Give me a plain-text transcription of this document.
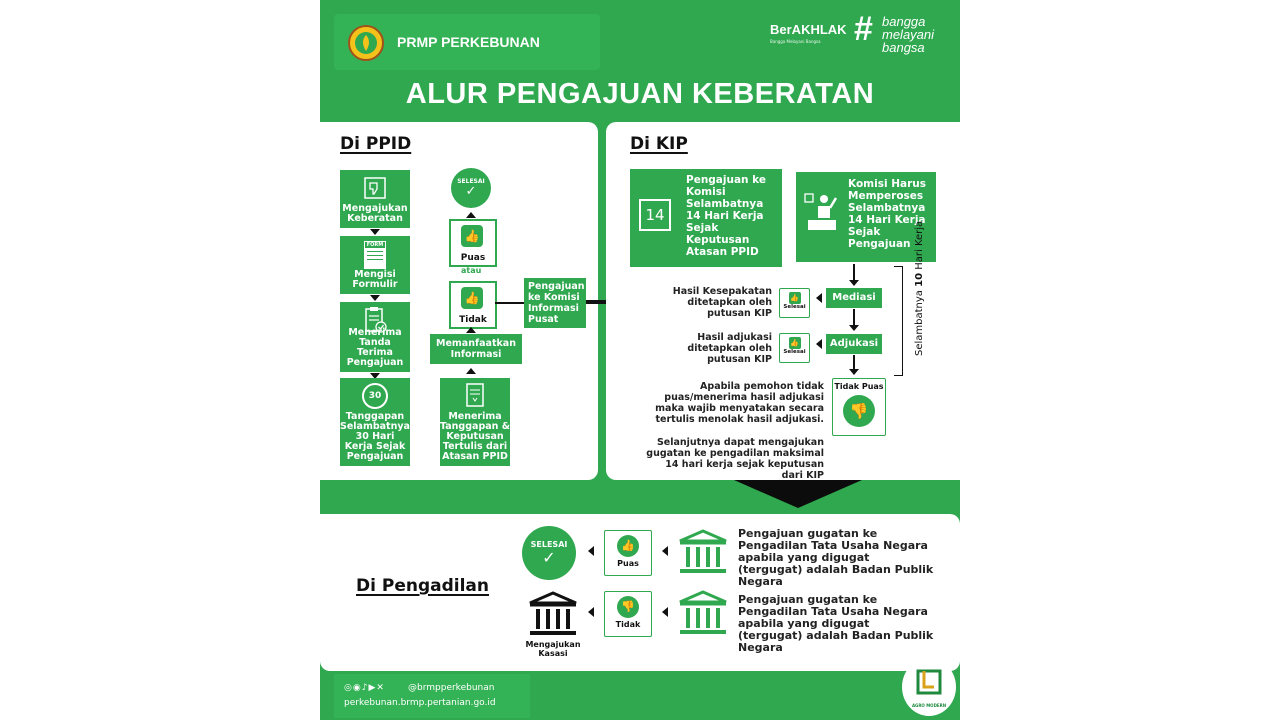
PRMP PERKEBUNAN
BerAKHLAK
Bangga Melayani Bangsa # bangga
melayani
bangsa
ALUR PENGAJUAN KEBERATAN
Di PPID
Mengajukan Keberatan
FORM
Mengisi Formulir
Menerima Tanda Terima Pengajuan
30
Tanggapan Selambatnya 30 Hari Kerja Sejak Pengajuan
SELESAI
✓
👍
Puas
atau
👍
Tidak
Memanfaatkan Informasi
Menerima Tanggapan & Keputusan Tertulis dari Atasan PPID
Pengajuan ke Komisi Informasi Pusat
Di KIP
14
Pengajuan ke Komisi Selambatnya 14 Hari Kerja Sejak Keputusan Atasan PPID
Komisi Harus Memperoses Selambatnya 14 Hari Kerja Sejak Pengajuan
Mediasi
Adjukasi
👍
Selesai
👍
Selesai
Hasil Kesepakatan ditetapkan oleh putusan KIP
Hasil adjukasi ditetapkan oleh putusan KIP
Selambatnya 10 Hari Kerja
Tidak Puas
👎
Apabila pemohon tidak puas/menerima hasil adjukasi maka wajib menyatakan secara tertulis menolak hasil adjukasi.
Selanjutnya dapat mengajukan gugatan ke pengadilan maksimal 14 hari kerja sejak keputusan dari KIP
Di Pengadilan
SELESAI
✓
👍
Puas
Pengajuan gugatan ke Pengadilan Tata Usaha Negara apabila yang digugat (tergugat) adalah Badan Publik Negara
Mengajukan Kasasi
👎
Tidak
Pengajuan gugatan ke Pengadilan Tata Usaha Negara apabila yang digugat (tergugat) adalah Badan Publik Negara
◎◉♪▶✕	@brmpperkebunan
perkebunan.brmp.pertanian.go.id	AGRO MODERN
